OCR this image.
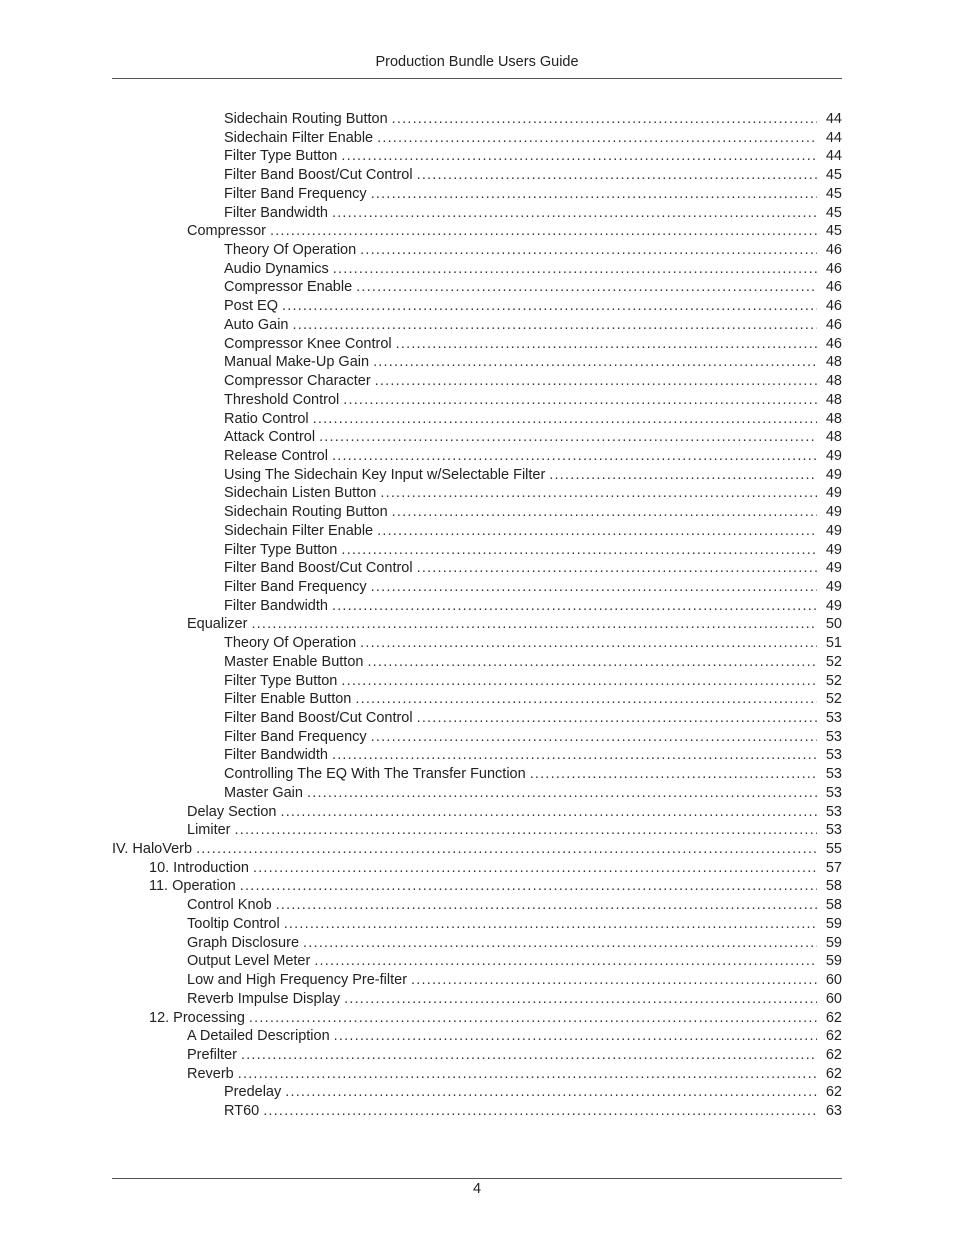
Production Bundle Users Guide
Sidechain Routing Button .....	44
Sidechain Filter Enable .....	44
Filter Type Button .....	44
Filter Band Boost/Cut Control .....	45
Filter Band Frequency .....	45
Filter Bandwidth .....	45
Compressor .....	45
Theory Of Operation .....	46
Audio Dynamics .....	46
Compressor Enable .....	46
Post EQ .....	46
Auto Gain .....	46
Compressor Knee Control .....	46
Manual Make-Up Gain .....	48
Compressor Character .....	48
Threshold Control .....	48
Ratio Control .....	48
Attack Control .....	48
Release Control .....	49
Using The Sidechain Key Input w/Selectable Filter .....	49
Sidechain Listen Button .....	49
Sidechain Routing Button .....	49
Sidechain Filter Enable .....	49
Filter Type Button .....	49
Filter Band Boost/Cut Control .....	49
Filter Band Frequency .....	49
Filter Bandwidth .....	49
Equalizer .....	50
Theory Of Operation .....	51
Master Enable Button .....	52
Filter Type Button .....	52
Filter Enable Button .....	52
Filter Band Boost/Cut Control .....	53
Filter Band Frequency .....	53
Filter Bandwidth .....	53
Controlling The EQ With The Transfer Function .....	53
Master Gain .....	53
Delay Section .....	53
Limiter .....	53
IV. HaloVerb .....	55
10. Introduction .....	57
11. Operation .....	58
Control Knob .....	58
Tooltip Control .....	59
Graph Disclosure .....	59
Output Level Meter .....	59
Low and High Frequency Pre-filter .....	60
Reverb Impulse Display .....	60
12. Processing .....	62
A Detailed Description .....	62
Prefilter .....	62
Reverb .....	62
Predelay .....	62
RT60 .....	63
4
